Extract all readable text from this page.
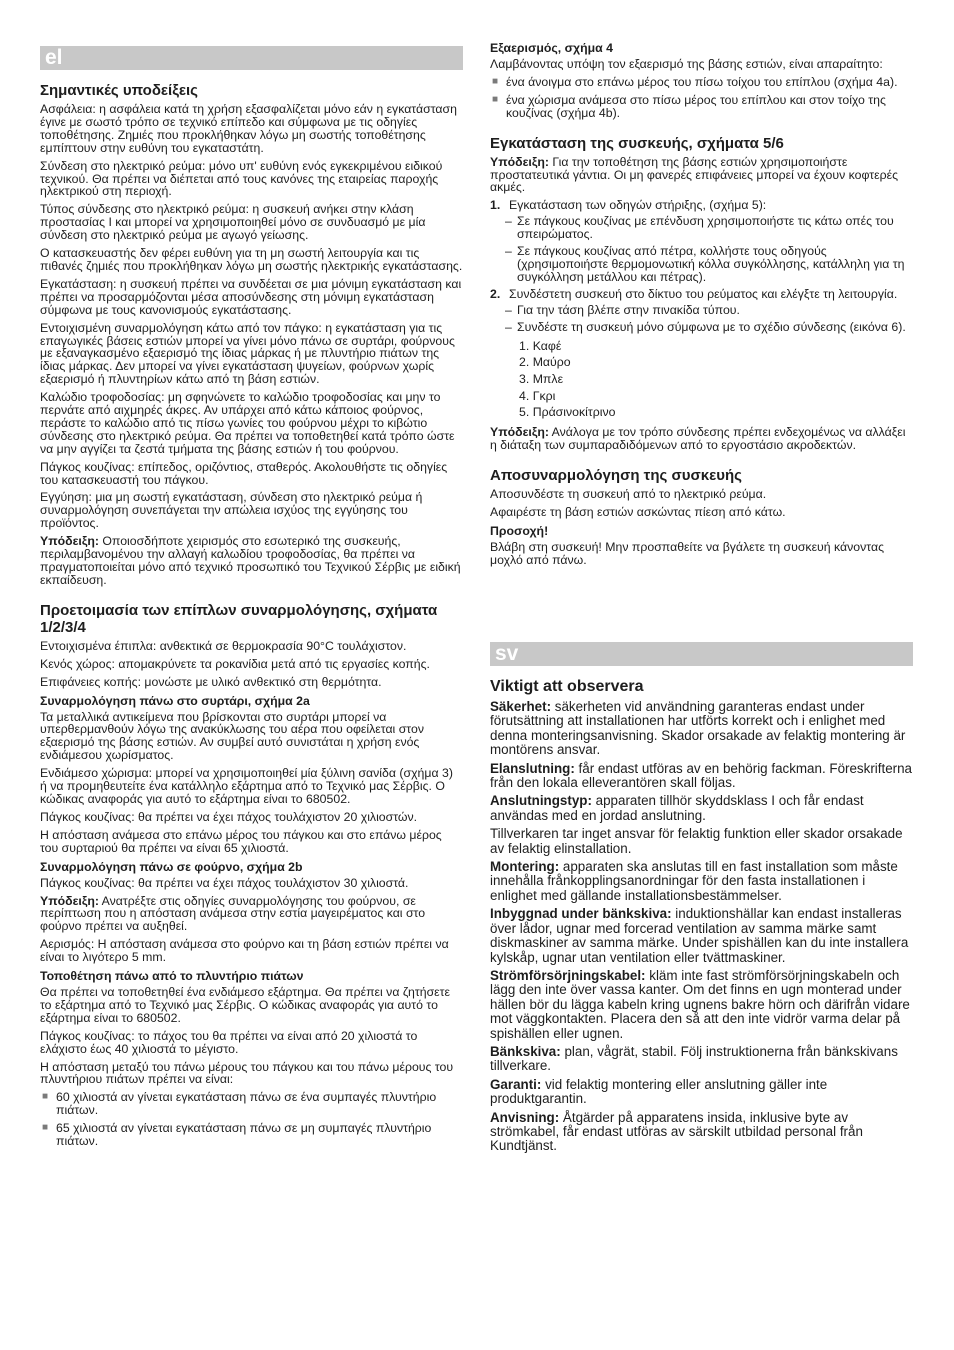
el
Σημαντικές υποδείξεις

Ασφάλεια: η ασφάλεια κατά τη χρήση εξασφαλίζεται μόνο εάν η εγκατάσταση έγινε με σωστό τρόπο σε τεχνικό επίπεδο και σύμφωνα με τις οδηγίες τοποθέτησης. Ζημιές που προκλήθηκαν λόγω μη σωστής τοποθέτησης εμπίπτουν στην ευθύνη του εγκαταστάτη.

Σύνδεση στο ηλεκτρικό ρεύμα: μόνο υπ' ευθύνη ενός εγκεκριμένου ειδικού τεχνικού. Θα πρέπει να διέπεται από τους κανόνες της εταιρείας παροχής ηλεκτρικού στη περιοχή.

Τύπος σύνδεσης στο ηλεκτρικό ρεύμα: η συσκευή ανήκει στην κλάση προστασίας I και μπορεί να χρησιμοποιηθεί μόνο σε συνδυασμό με μία σύνδεση στο ηλεκτρικό ρεύμα με αγωγό γείωσης.

Ο κατασκευαστής δεν φέρει ευθύνη για τη μη σωστή λειτουργία και τις πιθανές ζημιές που προκλήθηκαν λόγω μη σωστής ηλεκτρικής εγκατάστασης.

Εγκατάσταση: η συσκευή πρέπει να συνδέεται σε μια μόνιμη εγκατάσταση και πρέπει να προσαρμόζονται μέσα αποσύνδεσης στη μόνιμη εγκατάσταση σύμφωνα με τους κανονισμούς εγκατάστασης.

Εντοιχισμένη συναρμολόγηση κάτω από τον πάγκο: η εγκατάσταση για τις επαγωγικές βάσεις εστιών μπορεί να γίνει μόνο πάνω σε συρτάρι, φούρνους με εξαναγκασμένο εξαερισμό της ίδιας μάρκας ή με πλυντήριο πιάτων της ίδιας μάρκας. Δεν μπορεί να γίνει εγκατάσταση ψυγείων, φούρνων χωρίς εξαερισμό ή πλυντηρίων κάτω από τη βάση εστιών.

Καλώδιο τροφοδοσίας: μη σφηνώνετε το καλώδιο τροφοδοσίας και μην το περνάτε από αιχμηρές άκρες. Αν υπάρχει από κάτω κάποιος φούρνος, περάστε το καλώδιο από τις πίσω γωνίες του φούρνου μέχρι το κιβώτιο σύνδεσης στο ηλεκτρικό ρεύμα. Θα πρέπει να τοποθετηθεί κατά τρόπο ώστε να μην αγγίζει τα ζεστά τμήματα της βάσης εστιών ή του φούρνου.

Πάγκος κουζίνας: επίπεδος, οριζόντιος, σταθερός. Ακολουθήστε τις οδηγίες του κατασκευαστή του πάγκου.

Εγγύηση: μια μη σωστή εγκατάσταση, σύνδεση στο ηλεκτρικό ρεύμα ή συναρμολόγηση συνεπάγεται την απώλεια ισχύος της εγγύησης του προϊόντος.

Υπόδειξη: Οποιοσδήποτε χειρισμός στο εσωτερικό της συσκευής, περιλαμβανομένου την αλλαγή καλωδίου τροφοδοσίας, θα πρέπει να πραγματοποιείται μόνο από τεχνικό προσωπικό του Τεχνικού Σέρβις με ειδική εκπαίδευση.

Προετοιμασία των επίπλων συναρμολόγησης, σχήματα 1/2/3/4

Εντοιχισμένα έπιπλα: ανθεκτικά σε θερμοκρασία 90°C τουλάχιστον.

Κενός χώρος: απομακρύνετε τα ροκανίδια μετά από τις εργασίες κοπής.

Επιφάνειες κοπής: μονώστε με υλικό ανθεκτικό στη θερμότητα.

Συναρμολόγηση πάνω στο συρτάρι, σχήμα 2a

Τα μεταλλικά αντικείμενα που βρίσκονται στο συρτάρι μπορεί να υπερθερμανθούν λόγω της ανακύκλωσης του αέρα που οφείλεται στον εξαερισμό της βάσης εστιών. Αν συμβεί αυτό συνιστάται η χρήση ενός ενδιάμεσου χωρίσματος.

Ενδιάμεσο χώρισμα: μπορεί να χρησιμοποιηθεί μία ξύλινη σανίδα (σχήμα 3) ή να προμηθευτείτε ένα κατάλληλο εξάρτημα από το Τεχνικό μας Σέρβις. Ο κώδικας αναφοράς για αυτό το εξάρτημα είναι το 680502.

Πάγκος κουζίνας: θα πρέπει να έχει πάχος τουλάχιστον 20 χιλιοστών.

Η απόσταση ανάμεσα στο επάνω μέρος του πάγκου και στο επάνω μέρος του συρταριού θα πρέπει να είναι 65 χιλιοστά.

Συναρμολόγηση πάνω σε φούρνο, σχήμα 2b

Πάγκος κουζίνας: θα πρέπει να έχει πάχος τουλάχιστον 30 χιλιοστά.

Υπόδειξη: Ανατρέξτε στις οδηγίες συναρμολόγησης του φούρνου, σε περίπτωση που η απόσταση ανάμεσα στην εστία μαγειρέματος και στο φούρνο πρέπει να αυξηθεί.

Αερισμός: Η απόσταση ανάμεσα στο φούρνο και τη βάση εστιών πρέπει να είναι το λιγότερο 5 mm.

Τοποθέτηση πάνω από το πλυντήριο πιάτων

Θα πρέπει να τοποθετηθεί ένα ενδιάμεσο εξάρτημα. Θα πρέπει να ζητήσετε το εξάρτημα από το Τεχνικό μας Σέρβις. Ο κώδικας αναφοράς για αυτό το εξάρτημα είναι το 680502.

Πάγκος κουζίνας: το πάχος του θα πρέπει να είναι από 20 χιλιοστά το ελάχιστο έως 40 χιλιοστά το μέγιστο.

Η απόσταση μεταξύ του πάνω μέρους του πάγκου και του πάνω μέρους του πλυντήριου πιάτων πρέπει να είναι:

■ 60 χιλιοστά αν γίνεται εγκατάσταση πάνω σε ένα συμπαγές πλυντήριο πιάτων.
■ 65 χιλιοστά αν γίνεται εγκατάσταση πάνω σε μη συμπαγές πλυντήριο πιάτων.
Εξαερισμός, σχήμα 4

Λαμβάνοντας υπόψη τον εξαερισμό της βάσης εστιών, είναι απαραίτητο:

■ ένα άνοιγμα στο επάνω μέρος του πίσω τοίχου του επίπλου (σχήμα 4a).
■ ένα χώρισμα ανάμεσα στο πίσω μέρος του επίπλου και στον τοίχο της κουζίνας (σχήμα 4b).
Εγκατάσταση της συσκευής, σχήματα 5/6

Υπόδειξη: Για την τοποθέτηση της βάσης εστιών χρησιμοποιήστε προστατευτικά γάντια. Οι μη φανερές επιφάνειες μπορεί να έχουν κοφτερές ακμές.

1. Εγκατάσταση των οδηγών στήριξης, (σχήμα 5):
– Σε πάγκους κουζίνας με επένδυση χρησιμοποιήστε τις κάτω οπές του σπειρώματος.
– Σε πάγκους κουζίνας από πέτρα, κολλήστε τους οδηγούς (χρησιμοποιήστε θερμομονωτική κόλλα συγκόλλησης, κατάλληλη για τη συγκόλληση μετάλλου και πέτρας).
2. Συνδέστετη συσκευή στο δίκτυο του ρεύματος και ελέγξτε τη λειτουργία.
– Για την τάση βλέπε στην πινακίδα τύπου.
– Συνδέστε τη συσκευή μόνο σύμφωνα με το σχέδιο σύνδεσης (εικόνα 6).
1. Καφέ
2. Μαύρο
3. Μπλε
4. Γκρι
5. Πράσινοκίτρινο

Υπόδειξη: Ανάλογα με τον τρόπο σύνδεσης πρέπει ενδεχομένως να αλλάξει η διάταξη των συμπαραδιδόμενων από το εργοστάσιο ακροδεκτών.

Αποσυναρμολόγηση της συσκευής

Αποσυνδέστε τη συσκευή από το ηλεκτρικό ρεύμα.

Αφαιρέστε τη βάση εστιών ασκώντας πίεση από κάτω.

Προσοχή!

Βλάβη στη συσκευή! Μην προσπαθείτε να βγάλετε τη συσκευή κάνοντας μοχλό από πάνω.

sv
Viktigt att observera

Säkerhet: säkerheten vid användning garanteras endast under förutsättning att installationen har utförts korrekt och i enlighet med denna monteringsanvisning. Skador orsakade av felaktig montering är montörens ansvar.

Elanslutning: får endast utföras av en behörig fackman. Föreskrifterna från den lokala elleverantören skall följas.

Anslutningstyp: apparaten tillhör skyddsklass I och får endast användas med en jordad anslutning.

Tillverkaren tar inget ansvar för felaktig funktion eller skador orsakade av felaktig elinstallation.

Montering: apparaten ska anslutas till en fast installation som måste innehålla frånkopplingsanordningar för den fasta installationen i enlighet med gällande installationsbestämmelser.

Inbyggnad under bänkskiva: induktionshällar kan endast installeras över lådor, ugnar med forcerad ventilation av samma märke samt diskmaskiner av samma märke. Under spishällen kan du inte installera kylskåp, ugnar utan ventilation eller tvättmaskiner.

Strömförsörjningskabel: kläm inte fast strömförsörjningskabeln och lägg den inte över vassa kanter. Om det finns en ugn monterad under hällen bör du lägga kabeln kring ugnens bakre hörn och därifrån vidare mot väggkontakten. Placera den så att den inte vidrör varma delar på spishällen eller ugnen.

Bänkskiva: plan, vågrät, stabil. Följ instruktionerna från bänkskivans tillverkare.

Garanti: vid felaktig montering eller anslutning gäller inte produktgarantin.

Anvisning: Åtgärder på apparatens insida, inklusive byte av strömkabel, får endast utföras av särskilt utbildad personal från Kundtjänst.
